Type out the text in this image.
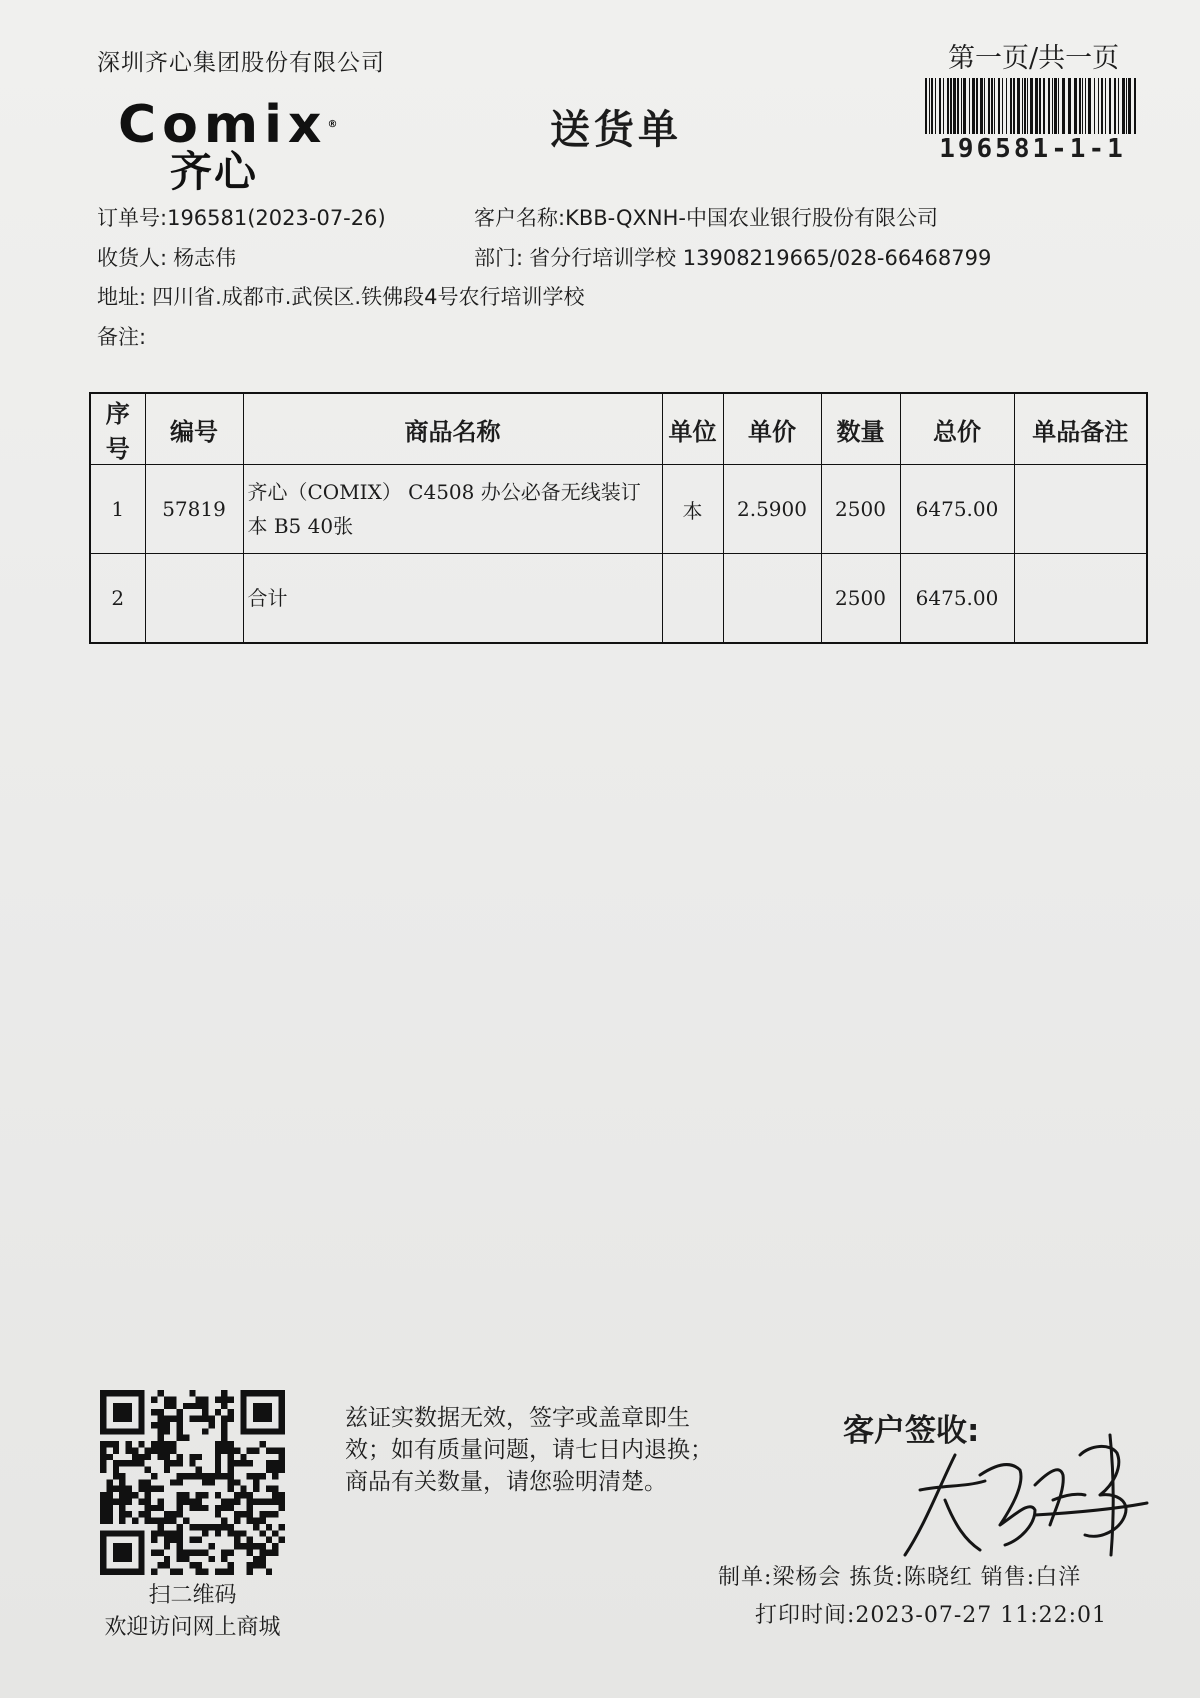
深圳齐心集团股份有限公司	第一页/共一页
196581-1-1
Comix®
齐心
送货单
订单号:196581(2023-07-26)	客户名称:KBB-QXNH-中国农业银行股份有限公司
收货人: 杨志伟	部门: 省分行培训学校 13908219665/028-66468799
地址: 四川省.成都市.武侯区.铁佛段4号农行培训学校
备注:
序号	编号	商品名称	单位	单价	数量	总价	单品备注
1	57819	齐心（COMIX） C4508 办公必备无线装订本 B5 40张	本	2.5900	2500	6475.00	
2		合计			2500	6475.00	
扫二维码
欢迎访问网上商城
兹证实数据无效，签字或盖章即生
效；如有质量问题，请七日内退换；
商品有关数量，请您验明清楚。
客户签收:
制单:梁杨会 拣货:陈晓红 销售:白洋
打印时间:2023-07-27 11:22:01
